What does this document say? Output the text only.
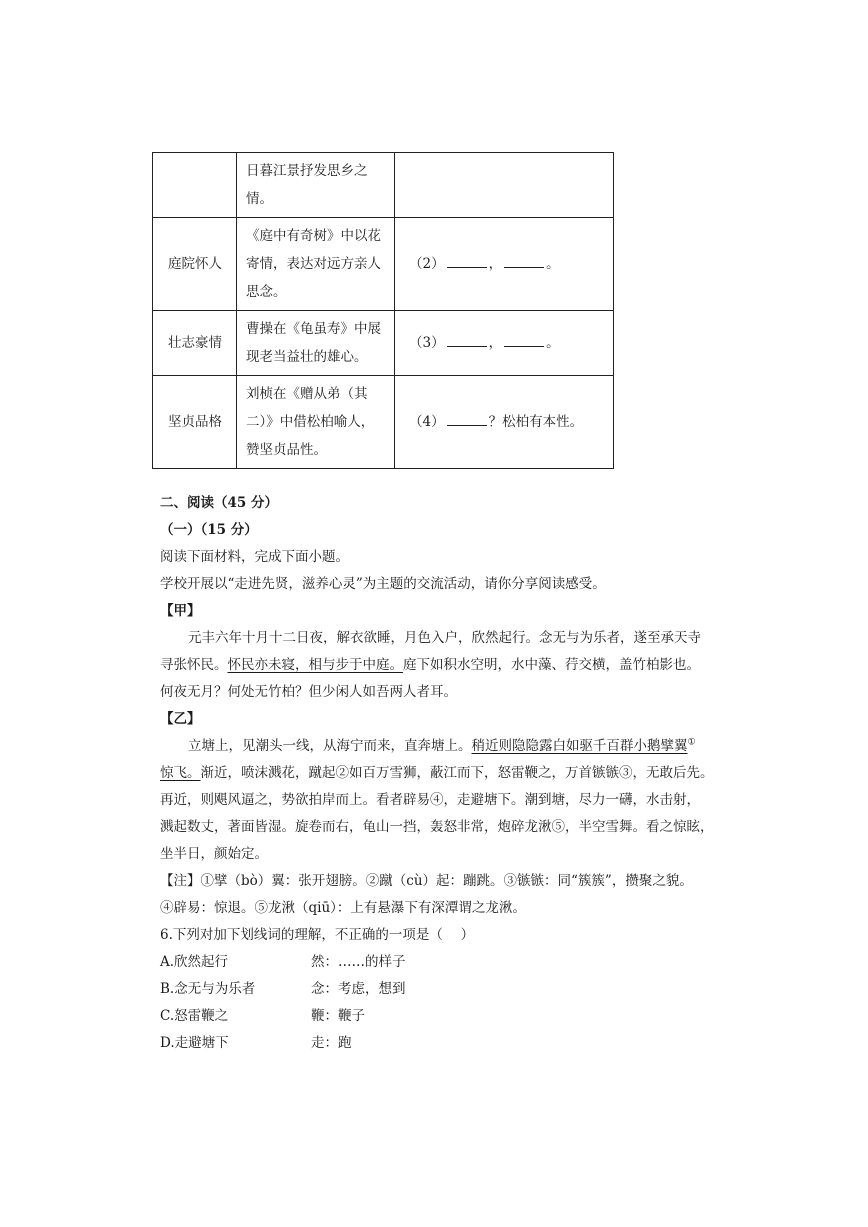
	日暮江景抒发思乡之情。	
庭院怀人	《庭中有奇树》中以花寄情，表达对远方亲人思念。	（2） ， 。
壮志豪情	曹操在《龟虽寿》中展现老当益壮的雄心。	（3） ， 。
坚贞品格	刘桢在《赠从弟（其二）》中借松柏喻人，赞坚贞品性。	（4） ？松柏有本性。
二、阅读（45 分）
（一）（15 分）
阅读下面材料，完成下面小题。
学校开展以“走进先贤，滋养心灵”为主题的交流活动，请你分享阅读感受。
【甲】
元丰六年十月十二日夜，解衣欲睡，月色入户，欣然起行。念无与为乐者，遂至承天寺
寻张怀民。怀民亦未寝，相与步于中庭。庭下如积水空明，水中藻、荇交横，盖竹柏影也。
何夜无月？何处无竹柏？但少闲人如吾两人者耳。
【乙】
立塘上，见潮头一线，从海宁而来，直奔塘上。稍近则隐隐露白如驱千百群小鹅擘翼①
惊飞。渐近，喷沫溅花，蹴起②如百万雪狮，蔽江而下，怒雷鞭之，万首镞镞③，无敢后先。
再近，则飓风逼之，势欲拍岸而上。看者辟易④，走避塘下。潮到塘，尽力一礴，水击射，
溅起数丈，著面皆湿。旋卷而右，龟山一挡，轰怒非常，炮碎龙湫⑤，半空雪舞。看之惊眩，
坐半日，颜始定。
【注】①擘（bò）翼：张开翅膀。②蹴（cù）起：蹦跳。③镞镞：同“簇簇”，攒聚之貌。
④辟易：惊退。⑤龙湫（qiū）：上有悬瀑下有深潭谓之龙湫。
6.下列对加下划线词的理解，不正确的一项是（　 ）
A.欣然起行	然：……的样子
B.念无与为乐者	念：考虑，想到
C.怒雷鞭之	鞭：鞭子
D.走避塘下	走：跑
